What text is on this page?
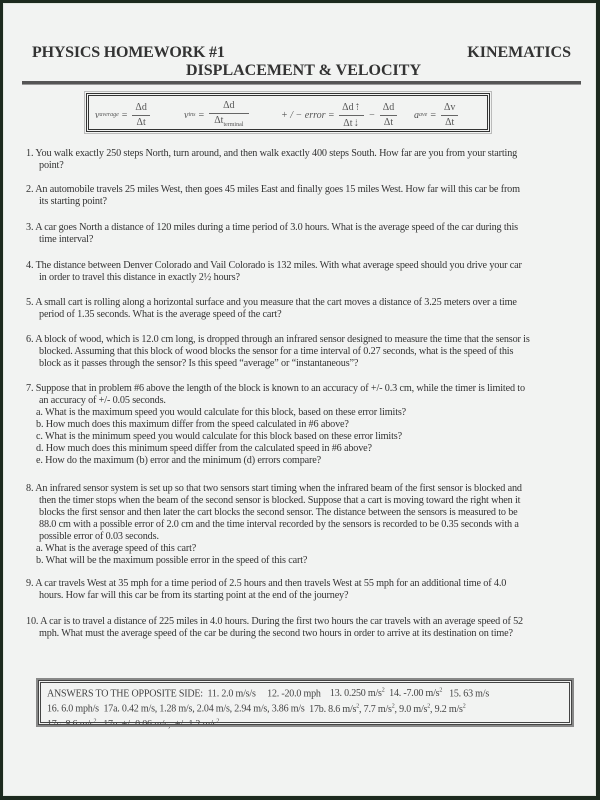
PHYSICS HOMEWORK #1	KINEMATICS
DISPLACEMENT & VELOCITY
v average = $\frac{\Delta d}{\Delta t}$	v ins = $\frac{\Delta d}{\Delta t_{terminal}}$	+ / − error = $\frac{\Delta d⇡}{\Delta t⇣} - \frac{\Delta d}{\Delta t}$ a ave = $\frac{\Delta v}{\Delta t}$
1. You walk exactly 250 steps North, turn around, and then walk exactly 400 steps South. How far are you from your starting
point?
2. An automobile travels 25 miles West, then goes 45 miles East and finally goes 15 miles West. How far will this car be from
its starting point?
3. A car goes North a distance of 120 miles during a time period of 3.0 hours. What is the average speed of the car during this
time interval?
4. The distance between Denver Colorado and Vail Colorado is 132 miles. With what average speed should you drive your car
in order to travel this distance in exactly 2½ hours?
5. A small cart is rolling along a horizontal surface and you measure that the cart moves a distance of 3.25 meters over a time
period of 1.35 seconds. What is the average speed of the cart?
6. A block of wood, which is 12.0 cm long, is dropped through an infrared sensor designed to measure the time that the sensor is
blocked. Assuming that this block of wood blocks the sensor for a time interval of 0.27 seconds, what is the speed of this
block as it passes through the sensor? Is this speed “average” or “instantaneous”?
7. Suppose that in problem #6 above the length of the block is known to an accuracy of +/- 0.3 cm, while the timer is limited to
an accuracy of +/- 0.05 seconds.
a. What is the maximum speed you would calculate for this block, based on these error limits?
b. How much does this maximum differ from the speed calculated in #6 above?
c. What is the minimum speed you would calculate for this block based on these error limits?
d. How much does this minimum speed differ from the calculated speed in #6 above?
e. How do the maximum (b) error and the minimum (d) errors compare?
8. An infrared sensor system is set up so that two sensors start timing when the infrared beam of the first sensor is blocked and
then the timer stops when the beam of the second sensor is blocked. Suppose that a cart is moving toward the right when it
blocks the first sensor and then later the cart blocks the second sensor. The distance between the sensors is measured to be
88.0 cm with a possible error of 2.0 cm and the time interval recorded by the sensors is recorded to be 0.35 seconds with a
possible error of 0.03 seconds.
a. What is the average speed of this cart?
b. What will be the maximum possible error in the speed of this cart?
9. A car travels West at 35 mph for a time period of 2.5 hours and then travels West at 55 mph for an additional time of 4.0
hours. How far will this car be from its starting point at the end of the journey?
10. A car is to travel a distance of 225 miles in 4.0 hours. During the first two hours the car travels with an average speed of 52
mph. What must the average speed of the car be during the second two hours in order to arrive at its destination on time?
ANSWERS TO THE OPPOSITE SIDE: 11. 2.0 m/s/s 12. -20.0 mph 13. 0.250 $m/s^2$ 14. -7.00 $m/s^2$ 15. 63 m/s
16. 6.0 mph/s 17a. 0.42 m/s, 1.28 m/s, 2.04 m/s, 2.94 m/s, 3.86 m/s 17b. 8.6 $m/s^2$, 7.7 $m/s^2$, 9.0 $m/s^2$, 9.2 $m/s^2$
17c. 8.6 $m/s^2$ 17e. +/- 0.06 m/s, +/- 1.2 $m/s^2$
